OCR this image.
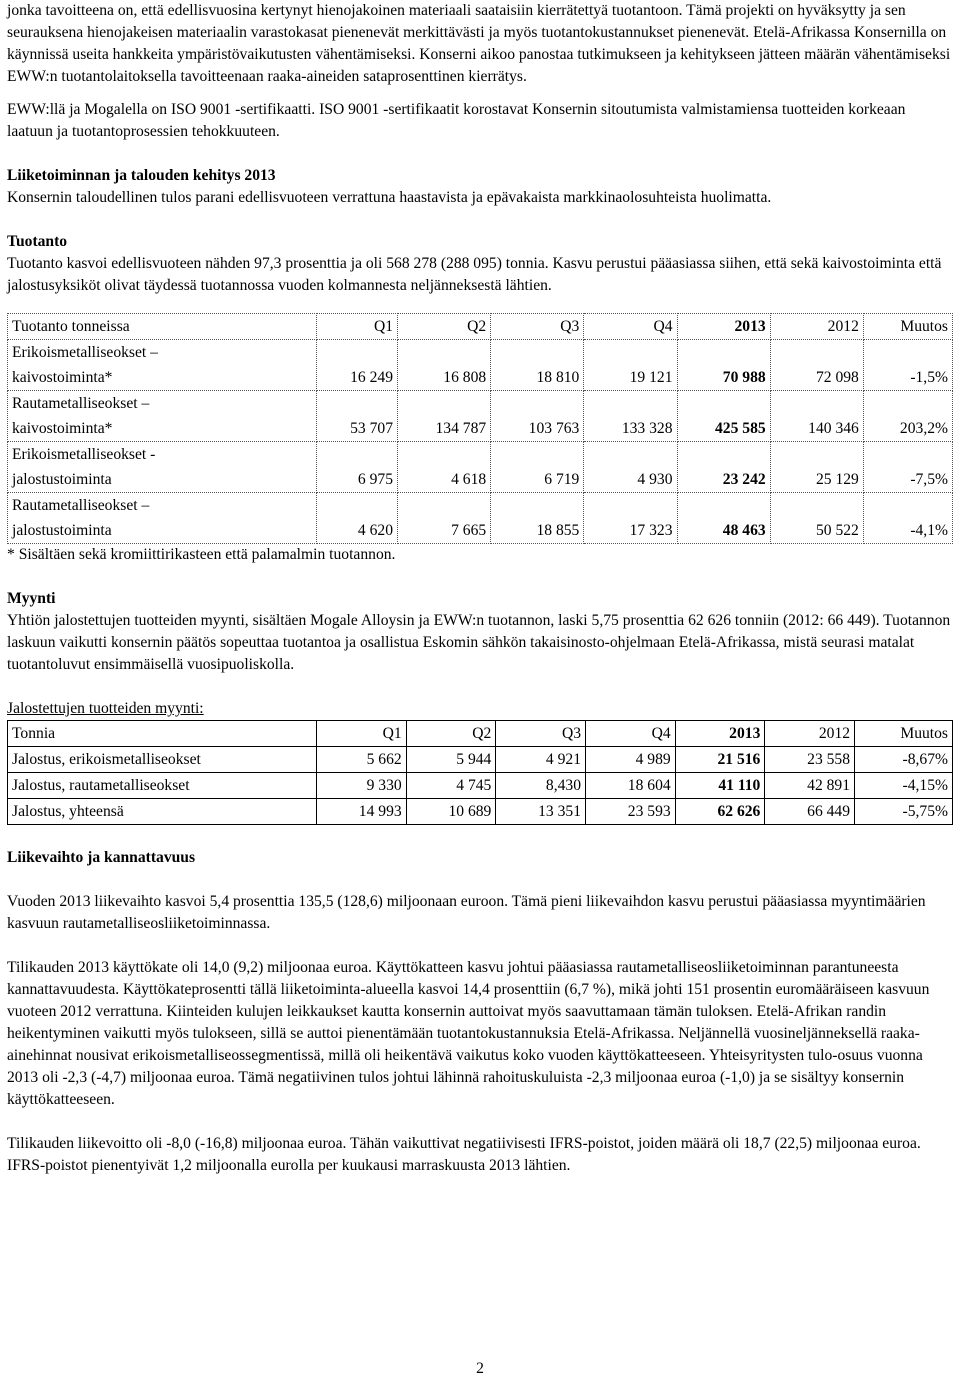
jonka tavoitteena on, että edellisvuosina kertynyt hienojakoinen materiaali saataisiin kierrätettyä tuotantoon. Tämä projekti on hyväksytty ja sen seurauksena hienojakeisen materiaalin varastokasat pienenevät merkittävästi ja myös tuotantokustannukset pienenevät. Etelä-Afrikassa Konsernilla on käynnissä useita hankkeita ympäristövaikutusten vähentämiseksi. Konserni aikoo panostaa tutkimukseen ja kehitykseen jätteen määrän vähentämiseksi EWW:n tuotantolaitoksella tavoitteenaan raaka-aineiden sataprosenttinen kierrätys.

EWW:llä ja Mogalella on ISO 9001 -sertifikaatti. ISO 9001 -sertifikaatit korostavat Konsernin sitoutumista valmistamiensa tuotteiden korkeaan laatuun ja tuotantoprosessien tehokkuuteen.

Liiketoiminnan ja talouden kehitys 2013

Konsernin taloudellinen tulos parani edellisvuoteen verrattuna haastavista ja epävakaista markkinaolosuhteista huolimatta.

Tuotanto

Tuotanto kasvoi edellisvuoteen nähden 97,3 prosenttia ja oli 568 278 (288 095) tonnia. Kasvu perustui pääasiassa siihen, että sekä kaivostoiminta että jalostusyksiköt olivat täydessä tuotannossa vuoden kolmannesta neljänneksestä lähtien.

Tuotanto tonneissa	Q1	Q2	Q3	Q4	2013	2012	Muutos
Erikoismetalliseokset –
kaivostoiminta*	16 249	16 808	18 810	19 121	70 988	72 098	-1,5%
Rautametalliseokset –
kaivostoiminta*	53 707	134 787	103 763	133 328	425 585	140 346	203,2%
Erikoismetalliseokset -
jalostustoiminta	6 975	4 618	6 719	4 930	23 242	25 129	-7,5%
Rautametalliseokset –
jalostustoiminta	4 620	7 665	18 855	17 323	48 463	50 522	-4,1%

* Sisältäen sekä kromiittirikasteen että palamalmin tuotannon.

Myynti

Yhtiön jalostettujen tuotteiden myynti, sisältäen Mogale Alloysin ja EWW:n tuotannon, laski 5,75 prosenttia 62 626 tonniin (2012: 66 449). Tuotannon laskuun vaikutti konsernin päätös sopeuttaa tuotantoa ja osallistua Eskomin sähkön takaisinosto-ohjelmaan Etelä-Afrikassa, mistä seurasi matalat tuotantoluvut ensimmäisellä vuosipuoliskolla.

Jalostettujen tuotteiden myynti:

Tonnia	Q1	Q2	Q3	Q4	2013	2012	Muutos
Jalostus, erikoismetalliseokset	5 662	5 944	4 921	4 989	21 516	23 558	-8,67%
Jalostus, rautametalliseokset	9 330	4 745	8,430	18 604	41 110	42 891	-4,15%
Jalostus, yhteensä	14 993	10 689	13 351	23 593	62 626	66 449	-5,75%

Liikevaihto ja kannattavuus

Vuoden 2013 liikevaihto kasvoi 5,4 prosenttia 135,5 (128,6) miljoonaan euroon. Tämä pieni liikevaihdon kasvu perustui pääasiassa myyntimäärien kasvuun rautametalliseosliiketoiminnassa.

Tilikauden 2013 käyttökate oli 14,0 (9,2) miljoonaa euroa. Käyttökatteen kasvu johtui pääasiassa rautametalliseosliiketoiminnan parantuneesta kannattavuudesta. Käyttökateprosentti tällä liiketoiminta-alueella kasvoi 14,4 prosenttiin (6,7 %), mikä johti 151 prosentin euromääräiseen kasvuun vuoteen 2012 verrattuna. Kiinteiden kulujen leikkaukset kautta konsernin auttoivat myös saavuttamaan tämän tuloksen. Etelä-Afrikan randin heikentyminen vaikutti myös tulokseen, sillä se auttoi pienentämään tuotantokustannuksia Etelä-Afrikassa. Neljännellä vuosineljänneksellä raaka-ainehinnat nousivat erikoismetalliseossegmentissä, millä oli heikentävä vaikutus koko vuoden käyttökatteeseen. Yhteisyritysten tulo-osuus vuonna 2013 oli -2,3 (-4,7) miljoonaa euroa. Tämä negatiivinen tulos johtui lähinnä rahoituskuluista -2,3 miljoonaa euroa (-1,0) ja se sisältyy konsernin käyttökatteeseen.

Tilikauden liikevoitto oli -8,0 (-16,8) miljoonaa euroa. Tähän vaikuttivat negatiivisesti IFRS-poistot, joiden määrä oli 18,7 (22,5) miljoonaa euroa. IFRS-poistot pienentyivät 1,2 miljoonalla eurolla per kuukausi marraskuusta 2013 lähtien.

2
